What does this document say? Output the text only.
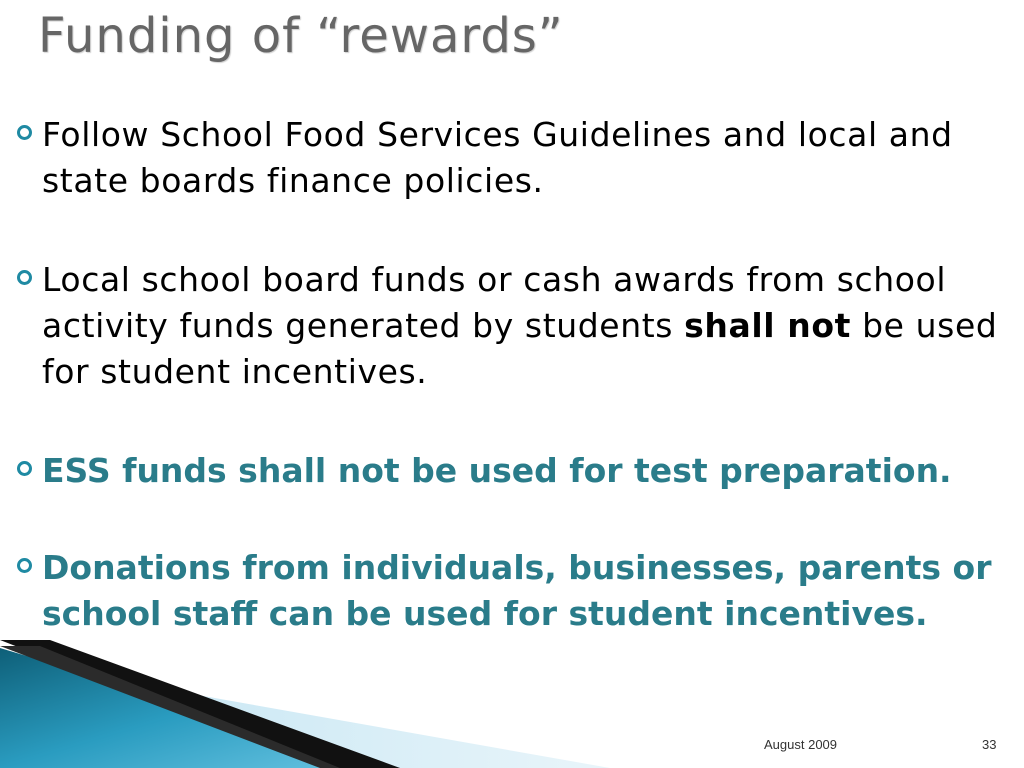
Funding of “rewards”
Follow School Food Services Guidelines and local and state boards finance policies.
Local school board funds or cash awards from school activity funds generated by students shall not be used for student incentives.
ESS funds shall not be used for test preparation.
Donations from individuals, businesses, parents or school staff can be used for student incentives.
August 2009	33
